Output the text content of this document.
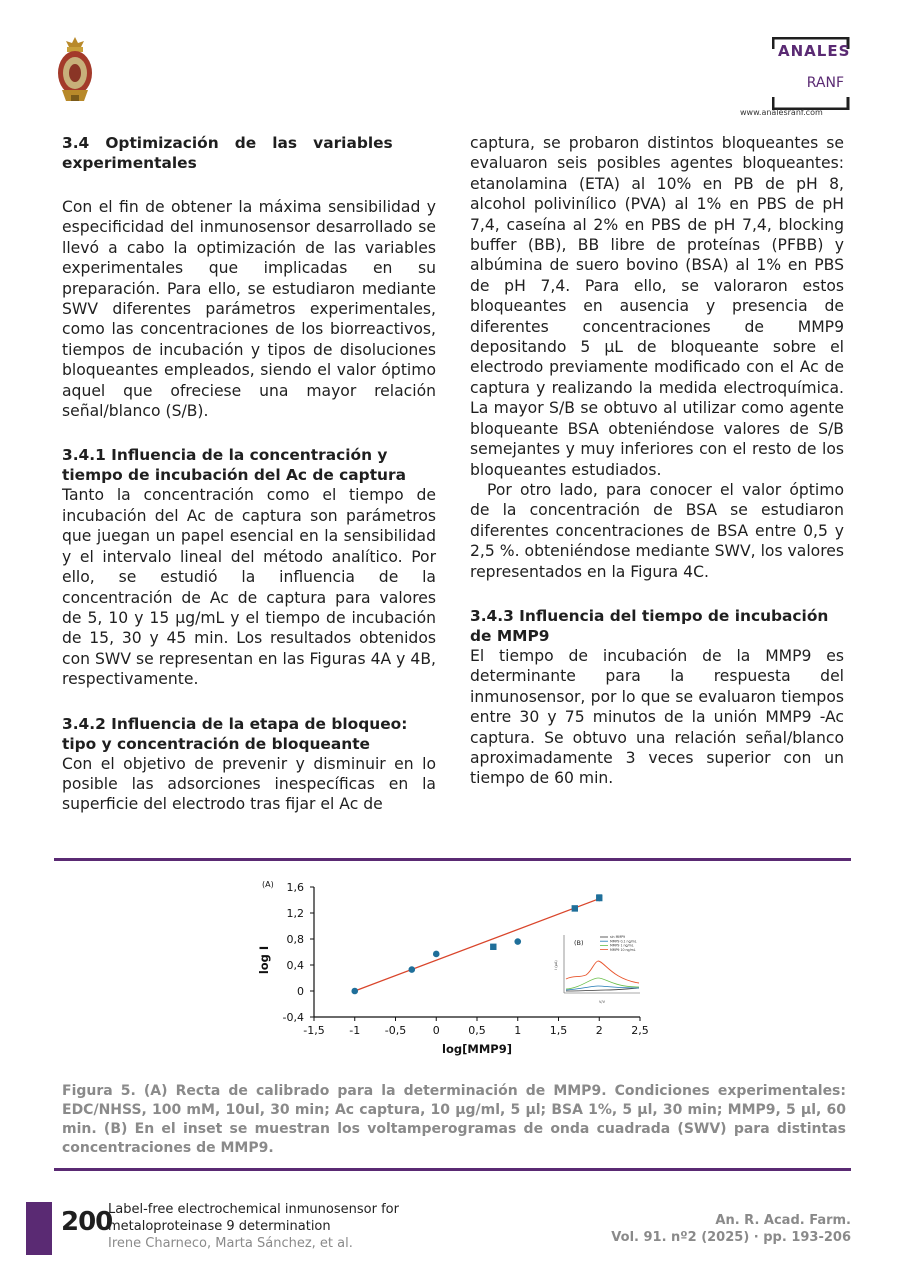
ANALES
RANF
www.analesranf.com
3.4   Optimización   de   las   variables experimentales

Con el fin de obtener la máxima sensibilidad y especificidad del inmunosensor desarrollado se llevó a cabo la optimización de las variables experimentales que implicadas en su preparación. Para ello, se estudiaron mediante SWV diferentes parámetros experimentales, como las concentraciones de los biorreactivos, tiempos de incubación y tipos de disoluciones bloqueantes empleados, siendo el valor óptimo aquel que ofreciese una mayor relación señal/blanco (S/B).

3.4.1 Influencia de la concentración y tiempo de incubación del Ac de captura

Tanto la concentración como el tiempo de incubación del Ac de captura son parámetros que juegan un papel esencial en la sensibilidad y el intervalo lineal del método analítico. Por ello, se estudió la influencia de la concentración de Ac de captura para valores de 5, 10 y 15 µg/mL y el tiempo de incubación de 15, 30 y 45 min. Los resultados obtenidos con SWV se representan en las Figuras 4A y 4B, respectivamente.

3.4.2 Influencia de la etapa de bloqueo: tipo y concentración de bloqueante

Con el objetivo de prevenir y disminuir en lo posible las adsorciones inespecíficas en la superficie del electrodo tras fijar el Ac de

captura, se probaron distintos bloqueantes se evaluaron seis posibles agentes bloqueantes: etanolamina (ETA) al 10% en PB de pH 8, alcohol polivinílico (PVA) al 1% en PBS de pH 7,4, caseína al 2% en PBS de pH 7,4, blocking buffer (BB), BB libre de proteínas (PFBB) y albúmina de suero bovino (BSA) al 1% en PBS de pH 7,4. Para ello, se valoraron estos bloqueantes en ausencia y presencia de diferentes concentraciones de MMP9 depositando 5 µL de bloqueante sobre el electrodo previamente modificado con el Ac de captura y realizando la medida electroquímica. La mayor S/B se obtuvo al utilizar como agente bloqueante BSA obteniéndose valores de S/B semejantes y muy inferiores con el resto de los bloqueantes estudiados.

Por otro lado, para conocer el valor óptimo de la concentración de BSA se estudiaron diferentes concentraciones de BSA entre 0,5 y 2,5 %. obteniéndose mediante SWV, los valores representados en la Figura 4C.

3.4.3 Influencia del tiempo de incubación de MMP9

El tiempo de incubación de la MMP9 es determinante para la respuesta del inmunosensor, por lo que se evaluaron tiempos entre 30 y 75 minutos de la unión MMP9 -Ac captura. Se obtuvo una relación señal/blanco aproximadamente 3 veces superior con un tiempo de 60 min.

-0,4
0
0,4
0,8
1,2
1,6
-1,5 -1 -0,5 0	0,5	1	1,5	2	2,5
log[MMP9]
log I
(A)
(B)
V/V
I (µA)
sin MMP9
MMP9 0,1 ng/mL
MMP9 1 ng/mL
MMP9 10 ng/mL
Figura 5. (A) Recta de calibrado para la determinación de MMP9. Condiciones experimentales: EDC/NHSS, 100 mM, 10ul, 30 min; Ac captura, 10 µg/ml, 5 µl; BSA 1%, 5 µl, 30 min; MMP9, 5 µl, 60 min. (B) En el inset se muestran los voltamperogramas de onda cuadrada (SWV) para distintas concentraciones de MMP9.
200
Label-free electrochemical inmunosensor for
metaloproteinase 9 determination
Irene Charneco, Marta Sánchez, et al.
An. R. Acad. Farm.
Vol. 91. nº2 (2025) · pp. 193-206
